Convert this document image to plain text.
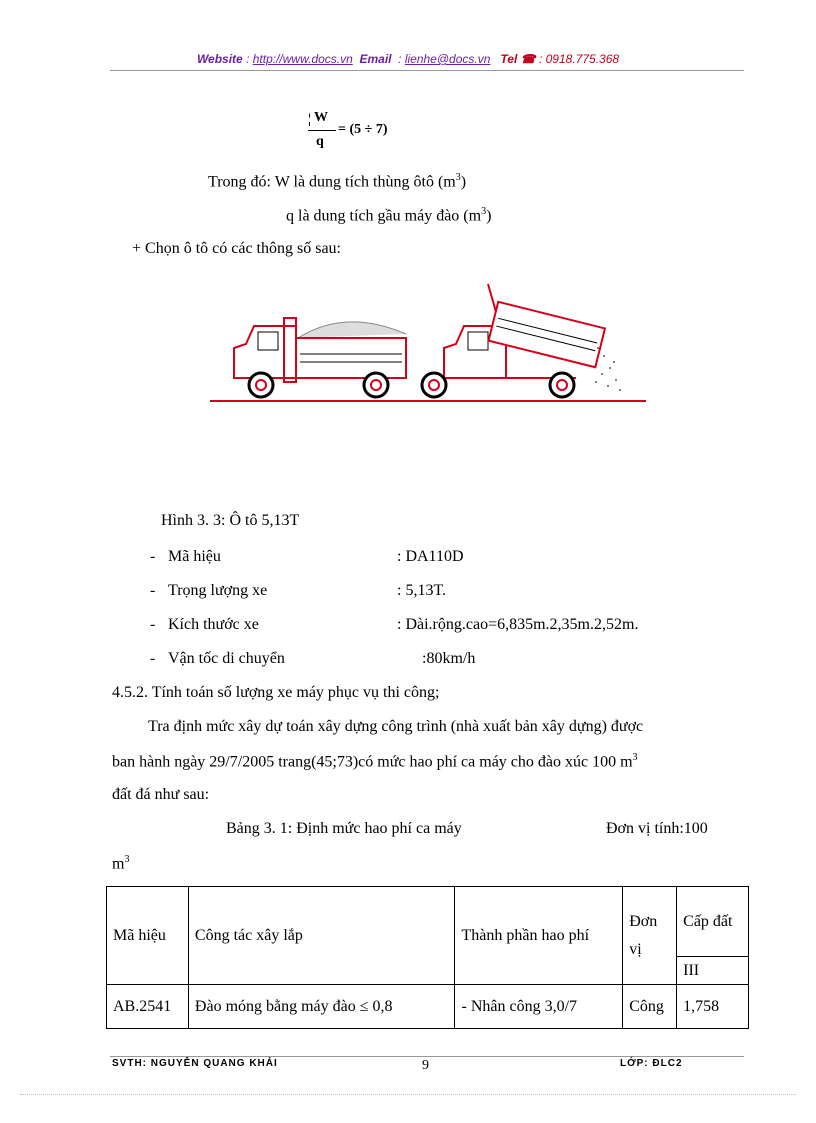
Website : http://www.docs.vn Email  : lienhe@docs.vn Tel ☎ : 0918.775.368
¦ W
q
= (5 ÷ 7)
Trong đó: W là dung tích thùng ôtô $(m^3)$
q là dung tích gầu máy đào $(m^3)$
+ Chọn ô tô có các thông số sau:
Hình 3. 3: Ô tô 5,13T
- Mã hiệu	: DA110D
- Trọng lượng xe	: 5,13T.
- Kích thước xe	: Dài.rộng.cao=6,835m.2,35m.2,52m.
- Vận tốc di chuyển	:80km/h
4.5.2. Tính toán số lượng xe máy phục vụ thi công;
Tra định mức xây dự toán xây dựng công trình (nhà xuất bản xây dựng) được
ban hành ngày 29/7/2005 trang(45;73)có mức hao phí ca máy cho đào xúc 100 $m^3$
đất đá như sau:
Bảng 3. 1: Định mức hao phí ca máy	Đơn vị tính:100
$m^3$
Mã hiệu	Công tác xây lắp	Thành phần hao phí	Đơn vị	Cấp đất
				III
AB.2541	Đào móng bằng máy đào ≤ 0,8	- Nhân công 3,0/7	Công	1,758
SVTH: NGUYỄN QUANG KHẢI	9	LỚP: ĐLC2
